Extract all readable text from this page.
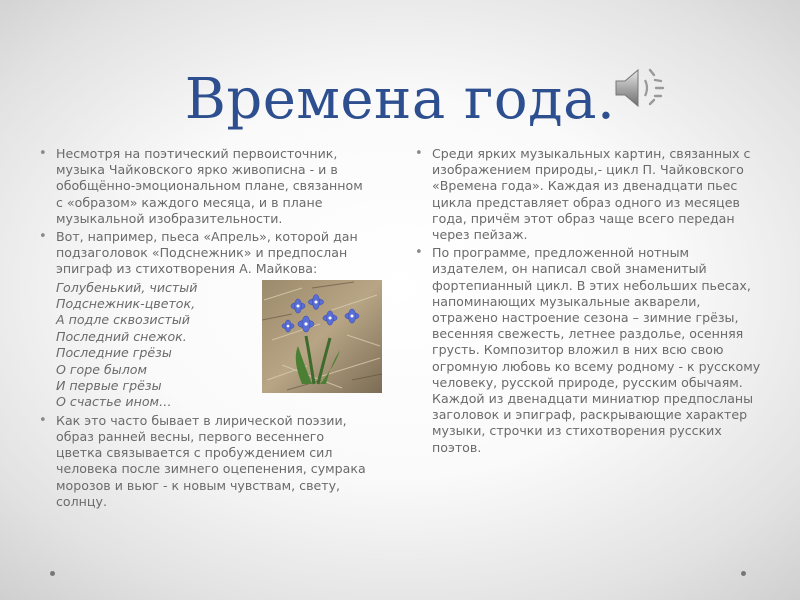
Времена года.
• Несмотря на поэтический первоисточник, музыка Чайковского ярко живописна - и в обобщённо-эмоциональном плане, связанном с «образом» каждого месяца, и в плане музыкальной изобразительности.
• Вот, например, пьеса «Апрель», которой дан подзаголовок «Подснежник» и предпослан эпиграф из стихотворения А. Майкова:
Голубенький, чистый
Подснежник-цветок,
А подле сквозистый
Последний снежок.
Последние грёзы
О горе былом
И первые грёзы
О счастье ином…
• Как это часто бывает в лирической поэзии, образ ранней весны, первого весеннего цветка связывается с пробуждением сил человека после зимнего оцепенения, сумрака морозов и вьюг - к новым чувствам, свету, солнцу.
• Среди ярких музыкальных картин, связанных с изображением природы,- цикл П. Чайковского «Времена года». Каждая из двенадцати пьес цикла представляет образ одного из месяцев года, причём этот образ чаще всего передан через пейзаж.
• По программе, предложенной нотным издателем, он написал свой знаменитый фортепианный цикл. В этих небольших пьесах, напоминающих музыкальные акварели, отражено настроение сезона – зимние грёзы, весенняя свежесть, летнее раздолье, осенняя грусть. Композитор вложил в них всю свою огромную любовь ко всему родному - к русскому человеку, русской природе, русским обычаям. Каждой из двенадцати миниатюр предпосланы заголовок и эпиграф, раскрывающие характер музыки, строчки из стихотворения русских поэтов.
